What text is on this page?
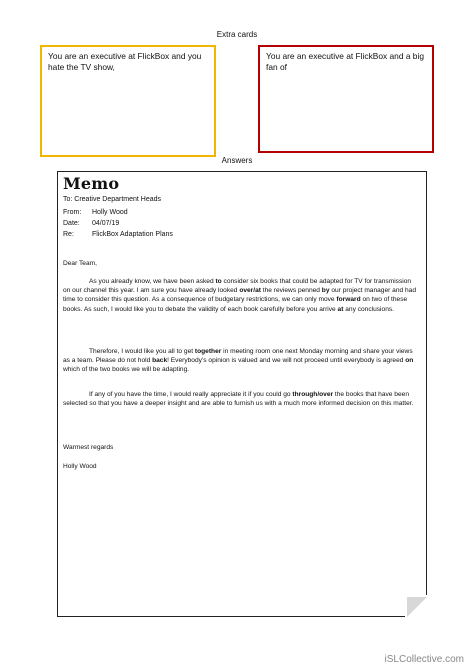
Extra cards
You are an executive at FlickBox and you hate the TV show,
You are an executive at FlickBox and a big fan of
Answers
Memo
To: Creative Department Heads
From: Holly Wood
Date: 04/07/19
Re:	FlickBox Adaptation Plans
Dear Team,
As you already know, we have been asked to consider six books that could be adapted for TV for transmission on our channel this year. I am sure you have already looked over/at the reviews penned by our project manager and had time to consider this question. As a consequence of budgetary restrictions, we can only move forward on two of these books. As such, I would like you to debate the validity of each book carefully before you arrive at any conclusions.
Therefore, I would like you all to get together in meeting room one next Monday morning and share your views as a team. Please do not hold back! Everybody’s opinion is valued and we will not proceed until everybody is agreed on which of the two books we will be adapting.
If any of you have the time, I would really appreciate it if you could go through/over the books that have been selected so that you have a deeper insight and are able to furnish us with a much more informed decision on this matter.
Warmest regards
Holly Wood
iSLCollective.com
